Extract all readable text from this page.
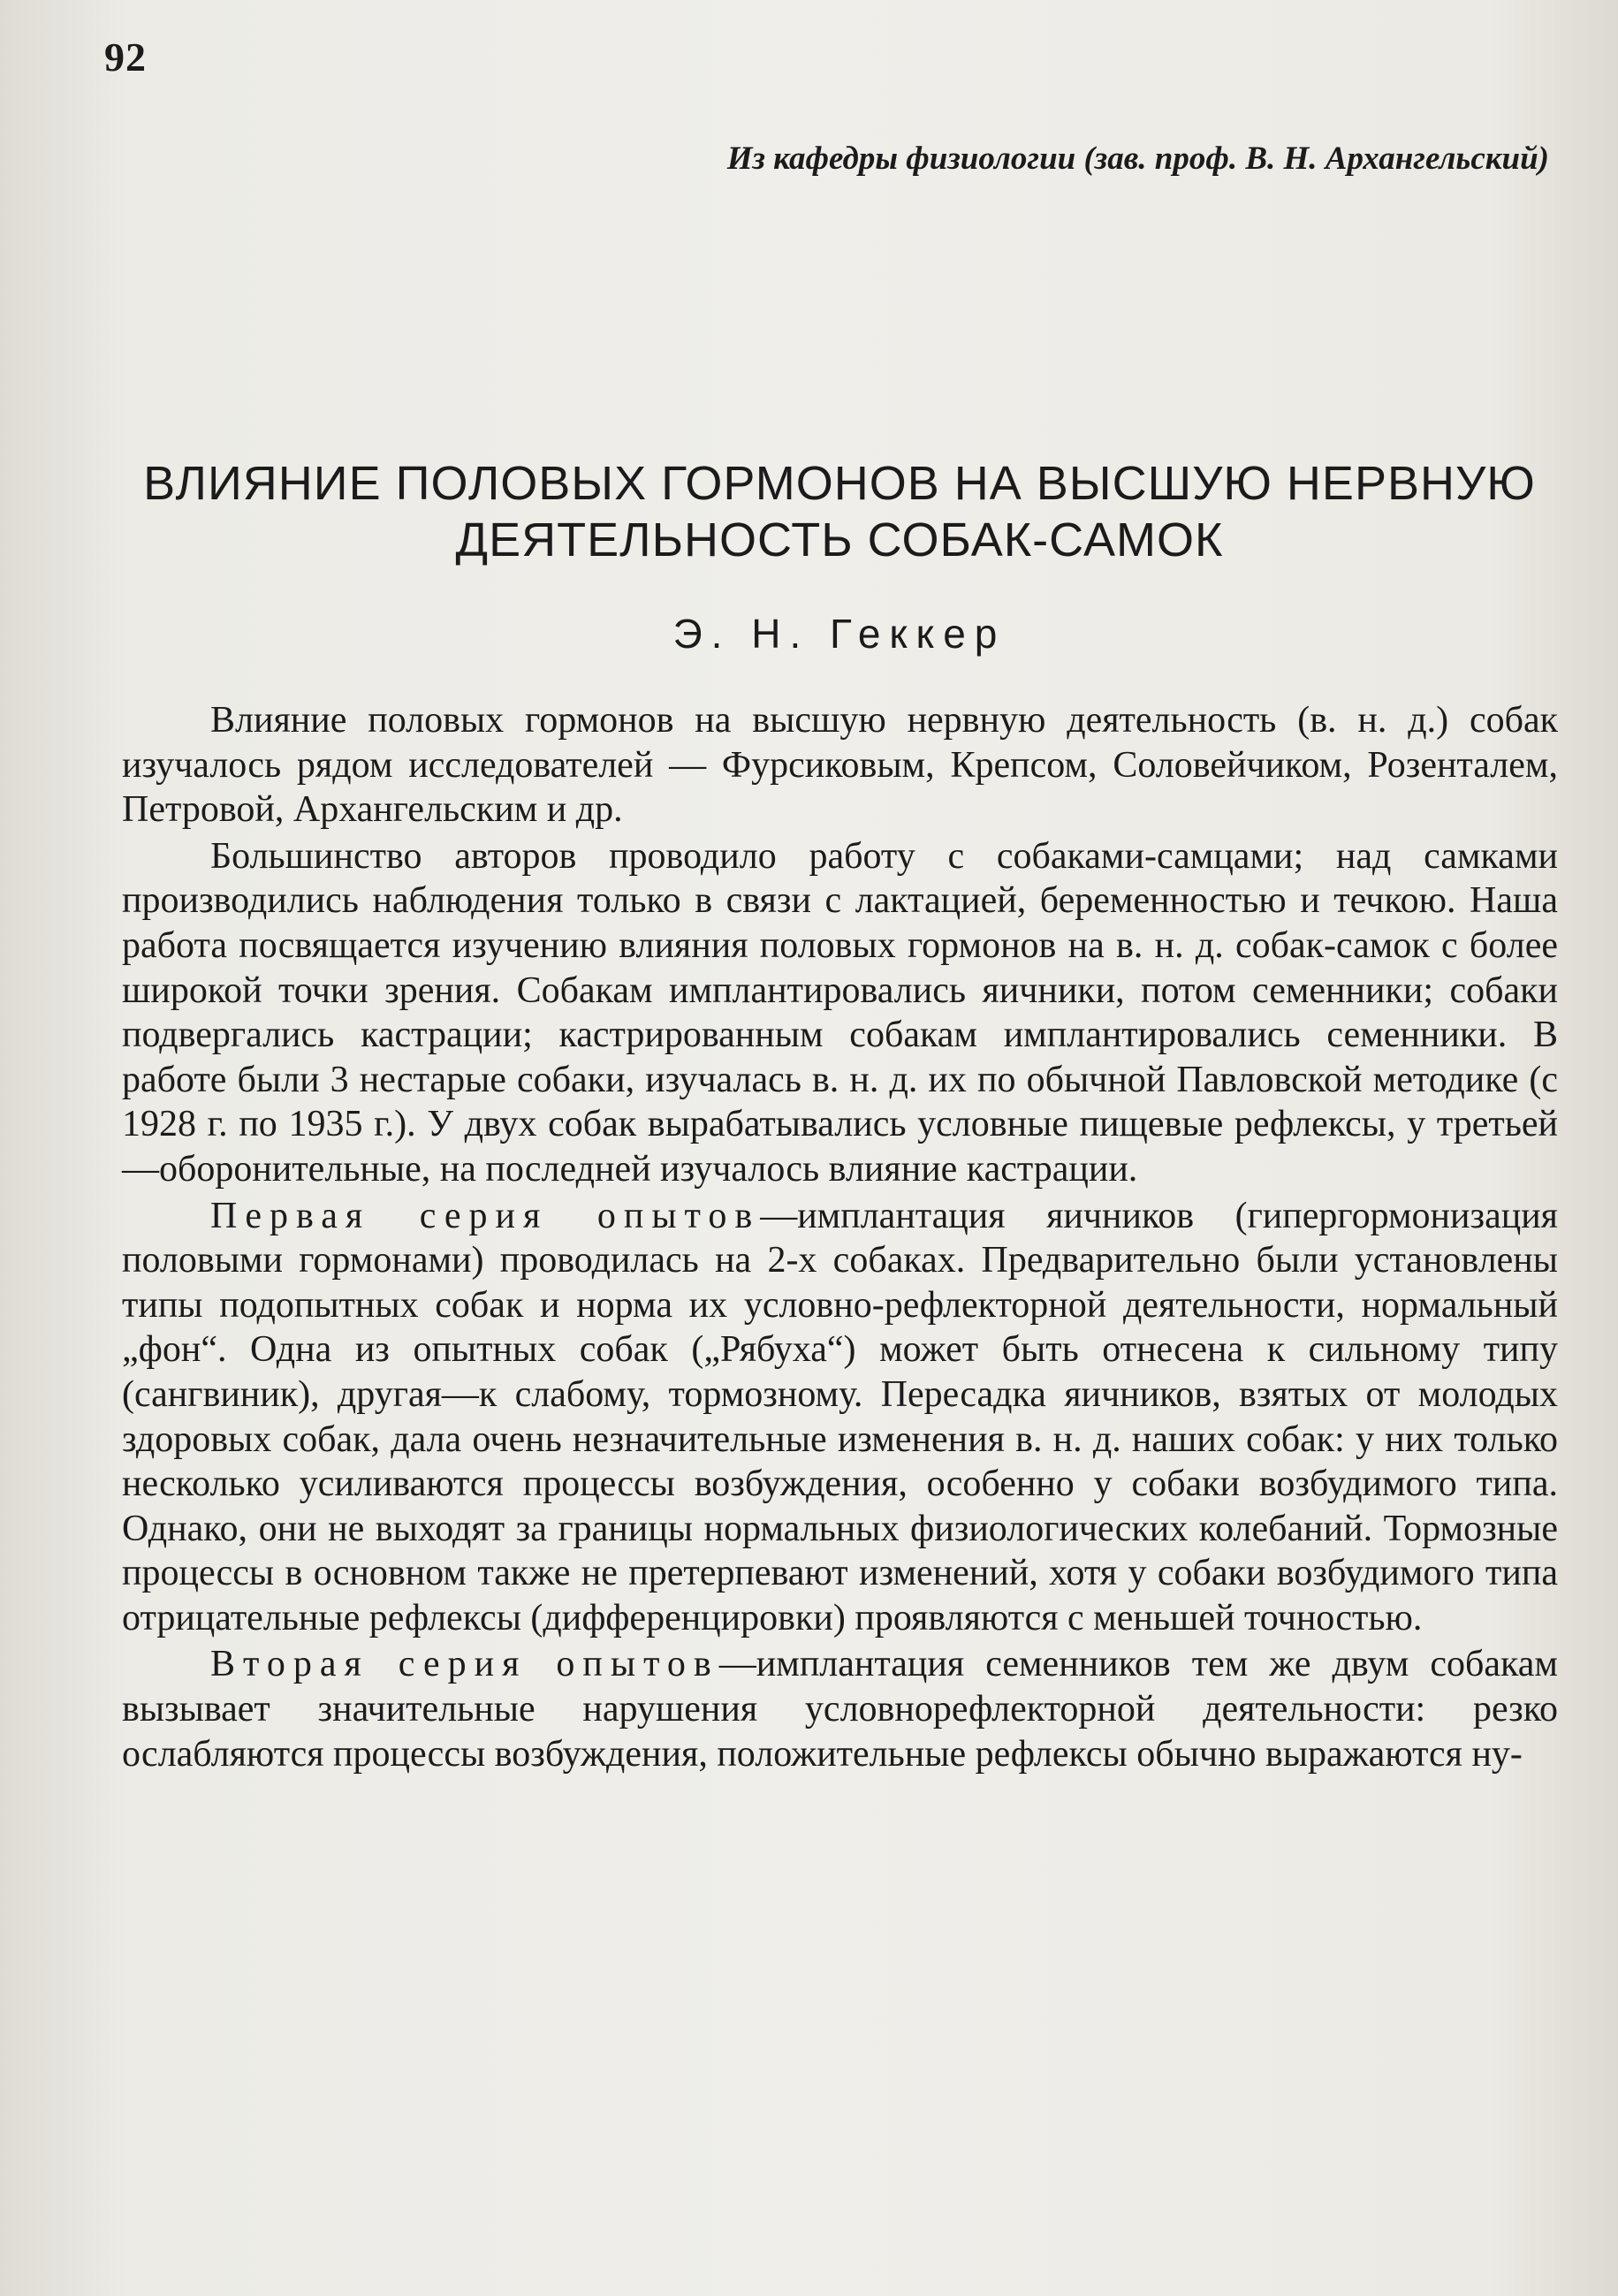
92
Из кафедры физиологии (зав. проф. В. Н. Архангельский)
ВЛИЯНИЕ ПОЛОВЫХ ГОРМОНОВ НА ВЫСШУЮ НЕРВНУЮ
ДЕЯТЕЛЬНОСТЬ СОБАК-САМОК
Э. Н. Геккер

Влияние половых гормонов на высшую нервную деятельность (в. н. д.) собак изучалось рядом исследователей — Фурсиковым, Крепсом, Соловейчиком, Розенталем, Петровой, Архангельским и др.

Большинство авторов проводило работу с собаками-самцами; над самками производились наблюдения только в связи с лактацией, беременностью и течкою. Наша работа посвящается изучению влияния половых гормонов на в. н. д. собак-самок с более широкой точки зрения. Собакам имплантировались яичники, потом семенники; собаки подвергались кастрации; кастрированным собакам имплантировались семенники. В работе были 3 нестарые собаки, изучалась в. н. д. их по обычной Павловской методике (с 1928 г. по 1935 г.). У двух собак вырабатывались условные пищевые рефлексы, у третьей—оборонительные, на последней изучалось влияние кастрации.

Первая серия опытов—имплантация яичников (гипергормонизация половыми гормонами) проводилась на 2-х собаках. Предварительно были установлены типы подопытных собак и норма их условно-рефлекторной деятельности, нормальный „фон“. Одна из опытных собак („Рябуха“) может быть отнесена к сильному типу (сангвиник), другая—к слабому, тормозному. Пересадка яичников, взятых от молодых здоровых собак, дала очень незначительные изменения в. н. д. наших собак: у них только несколько усиливаются процессы возбуждения, особенно у собаки возбудимого типа. Однако, они не выходят за границы нормальных физиологических колебаний. Тормозные процессы в основном также не претерпевают изменений, хотя у собаки возбудимого типа отрицательные рефлексы (дифференцировки) проявляются с меньшей точностью.

Вторая серия опытов—имплантация семенников тем же двум собакам вызывает значительные нарушения условнорефлекторной деятельности: резко ослабляются процессы возбуждения, положительные рефлексы обычно выражаются ну-
